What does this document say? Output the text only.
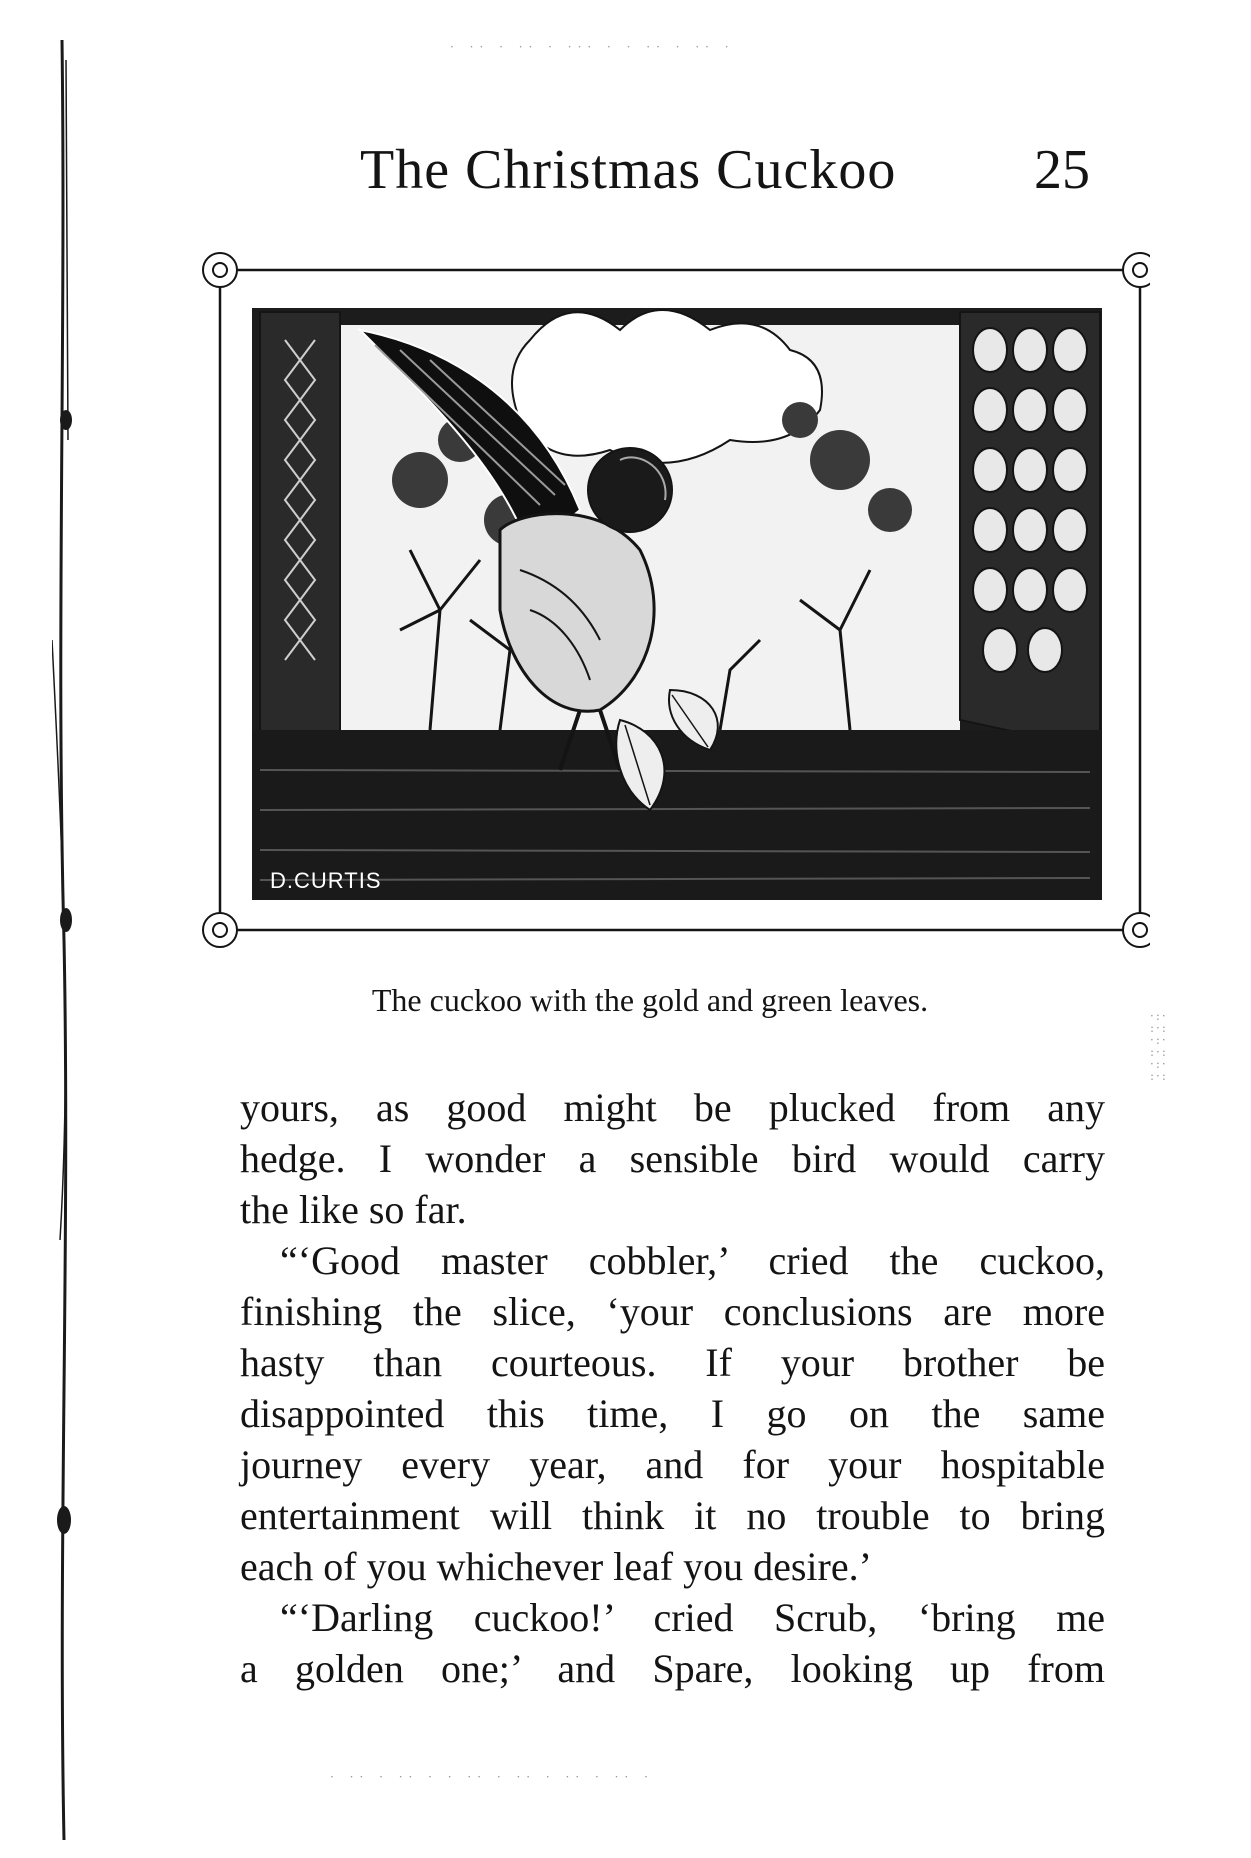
· ·· · ·· · ··· · · ·· · ·· ·
·:·
:·:
·:·
:·:
·:·
:·:
· ·· · ·· · · ·· · ·· · ·· · ·· ·
The Christmas Cuckoo 25
D.CURTIS
The cuckoo with the gold and green leaves.
yours, as good might be plucked from any
hedge. I wonder a sensible bird would carry
the like so far.
“‘Good master cobbler,’ cried the cuckoo,
finishing the slice, ‘your conclusions are more
hasty than courteous. If your brother be
disappointed this time, I go on the same
journey every year, and for your hospitable
entertainment will think it no trouble to bring
each of you whichever leaf you desire.’
“‘Darling cuckoo!’ cried Scrub, ‘bring me
a golden one;’ and Spare, looking up from
